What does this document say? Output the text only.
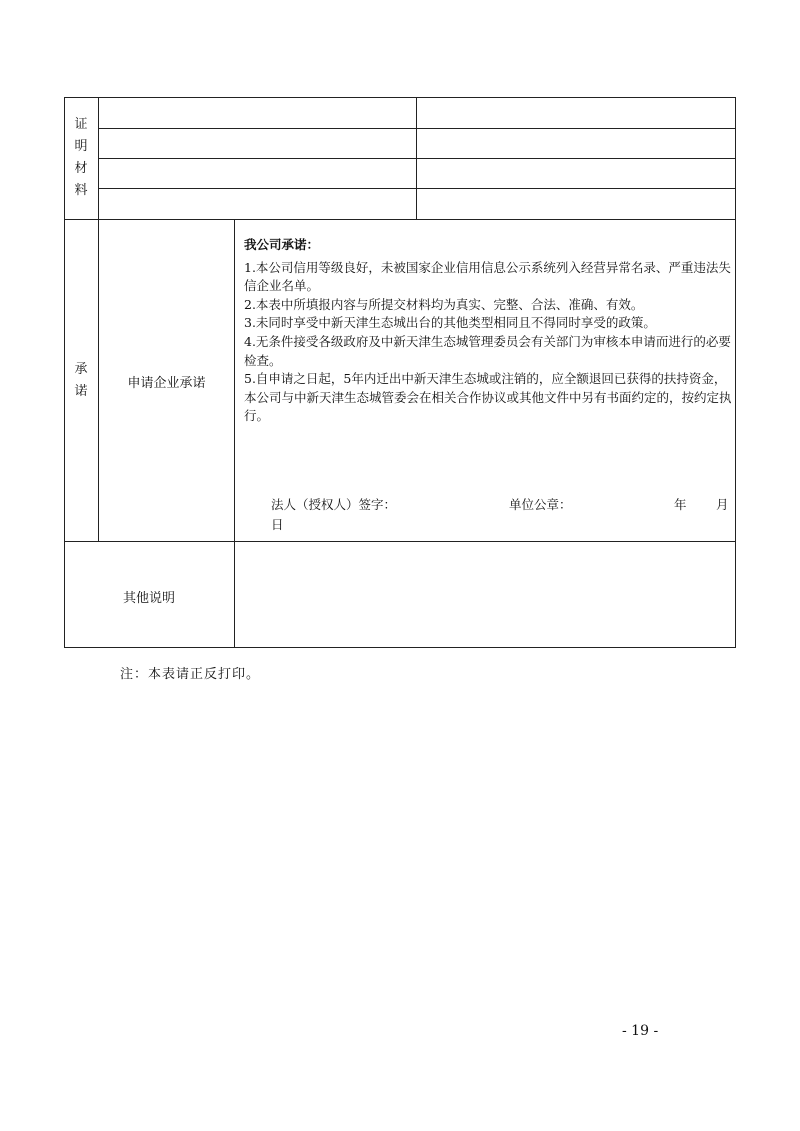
证
明
材
料
承
诺
申请企业承诺
我公司承诺：

1.本公司信用等级良好，未被国家企业信用信息公示系统列入经营异常名录、严重违法失信企业名单。

2.本表中所填报内容与所提交材料均为真实、完整、合法、准确、有效。

3.未同时享受中新天津生态城出台的其他类型相同且不得同时享受的政策。

4.无条件接受各级政府及中新天津生态城管理委员会有关部门为审核本申请而进行的必要检查。

5.自申请之日起，5年内迁出中新天津生态城或注销的，应全额退回已获得的扶持资金，本公司与中新天津生态城管委会在相关合作协议或其他文件中另有书面约定的，按约定执行。

法人（授权人）签字：	单位公章：	年 月
日
其他说明
注：本表请正反打印。
- 19 -
